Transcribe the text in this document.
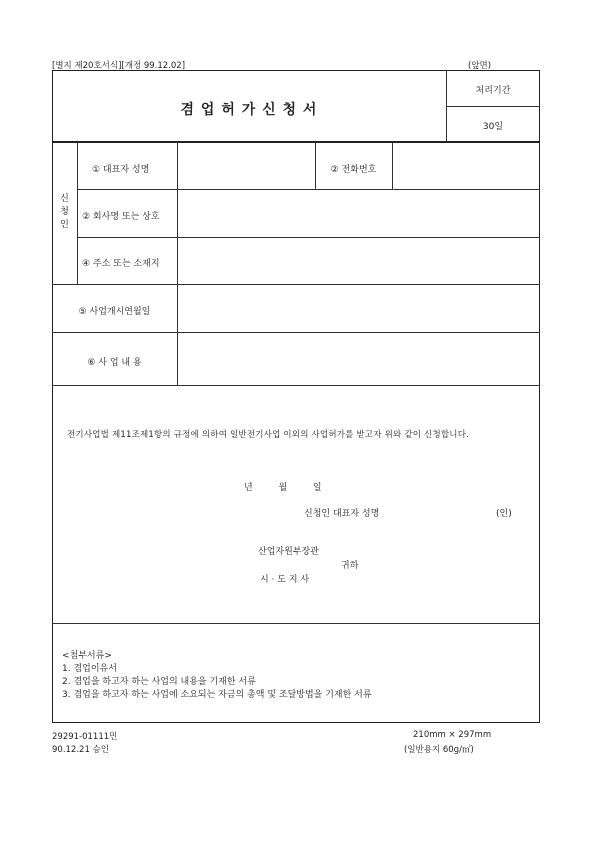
[별지 제20호서식][개정 99.12.02]	(앞면)
겸 업 허 가 신 청 서
처리기간
30일
신
청
인
① 대표자 성명	② 전화번호
② 회사명 또는 상호
④ 주소 또는 소재지
⑤ 사업개시연월일
⑥ 사 업 내 용
전기사업법 제11조제1항의 규정에 의하여 일반전기사업 이외의 사업허가를 받고자 위와 같이 신청합니다.
년         월         일
신청인 대표자 성명	(인)
산업자원부장관
귀하
시 · 도 지 사
<첨부서류>
1. 겸업이유서
2. 겸업을 하고자 하는 사업의 내용을 기재한 서류
3. 겸업을 하고자 하는 사업에 소요되는 자금의 총액 및 조달방법을 기재한 서류
29291-01111민
90.12.21 승인
210mm × 297mm
(일반용지 60g/㎡)
